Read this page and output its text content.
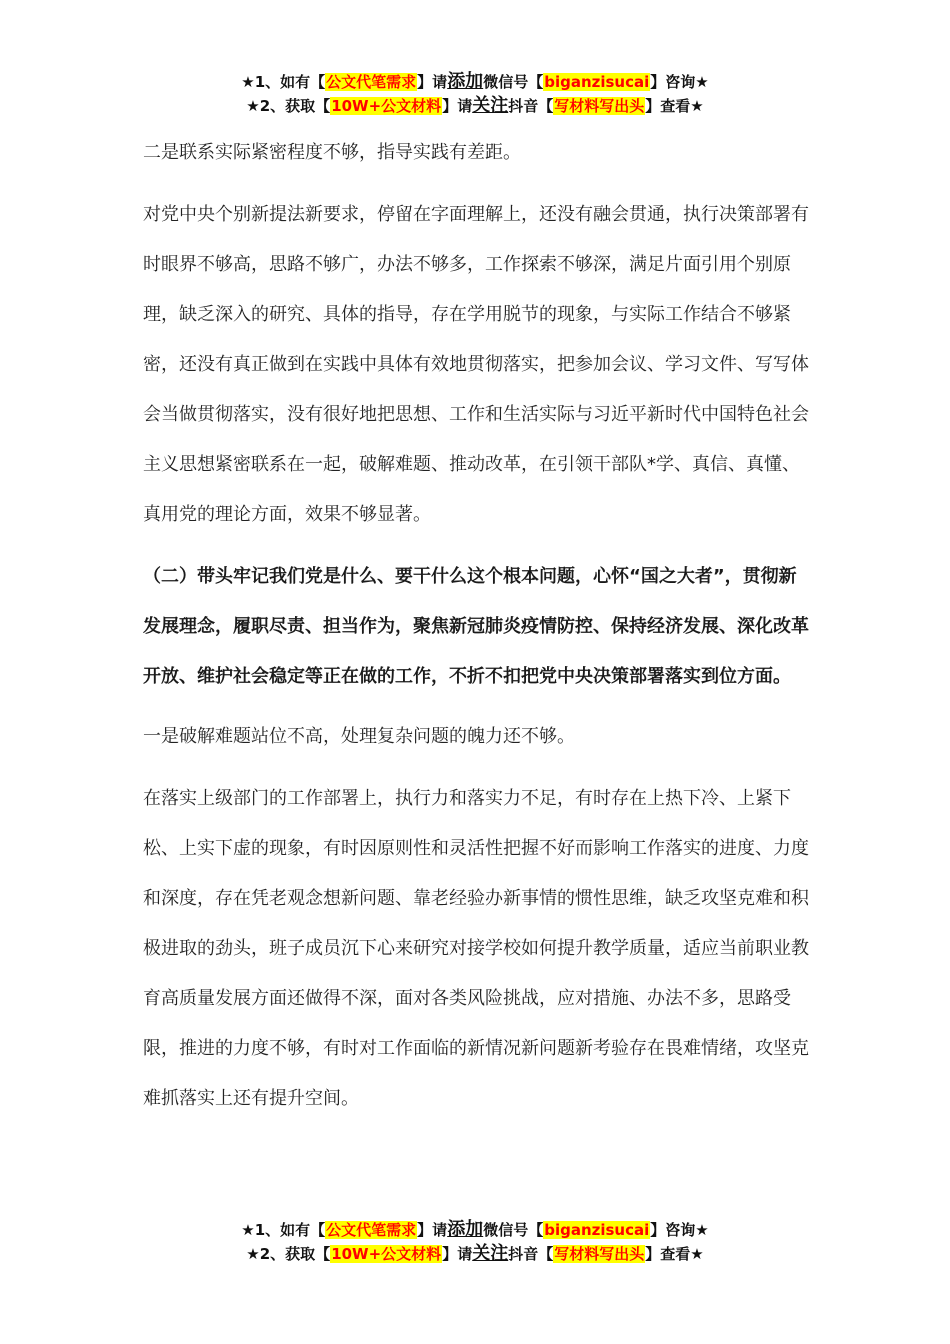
★1、如有【公文代笔需求】请添加微信号【biganzisucai】咨询★
★2、获取【10W+公文材料】请关注抖音【写材料写出头】查看★

二是联系实际紧密程度不够，指导实践有差距。

对党中央个别新提法新要求，停留在字面理解上，还没有融会贯通，执行决策部署有时眼界不够高，思路不够广，办法不够多，工作探索不够深，满足片面引用个别原理，缺乏深入的研究、具体的指导，存在学用脱节的现象，与实际工作结合不够紧密，还没有真正做到在实践中具体有效地贯彻落实，把参加会议、学习文件、写写体会当做贯彻落实，没有很好地把思想、工作和生活实际与习近平新时代中国特色社会主义思想紧密联系在一起，破解难题、推动改革，在引领干部队*学、真信、真懂、真用党的理论方面，效果不够显著。

（二）带头牢记我们党是什么、要干什么这个根本问题，心怀“国之大者”，贯彻新发展理念，履职尽责、担当作为，聚焦新冠肺炎疫情防控、保持经济发展、深化改革开放、维护社会稳定等正在做的工作，不折不扣把党中央决策部署落实到位方面。

一是破解难题站位不高，处理复杂问题的魄力还不够。

在落实上级部门的工作部署上，执行力和落实力不足，有时存在上热下冷、上紧下松、上实下虚的现象，有时因原则性和灵活性把握不好而影响工作落实的进度、力度和深度，存在凭老观念想新问题、靠老经验办新事情的惯性思维，缺乏攻坚克难和积极进取的劲头，班子成员沉下心来研究对接学校如何提升教学质量，适应当前职业教育高质量发展方面还做得不深，面对各类风险挑战，应对措施、办法不多，思路受限，推进的力度不够，有时对工作面临的新情况新问题新考验存在畏难情绪，攻坚克难抓落实上还有提升空间。

★1、如有【公文代笔需求】请添加微信号【biganzisucai】咨询★
★2、获取【10W+公文材料】请关注抖音【写材料写出头】查看★
